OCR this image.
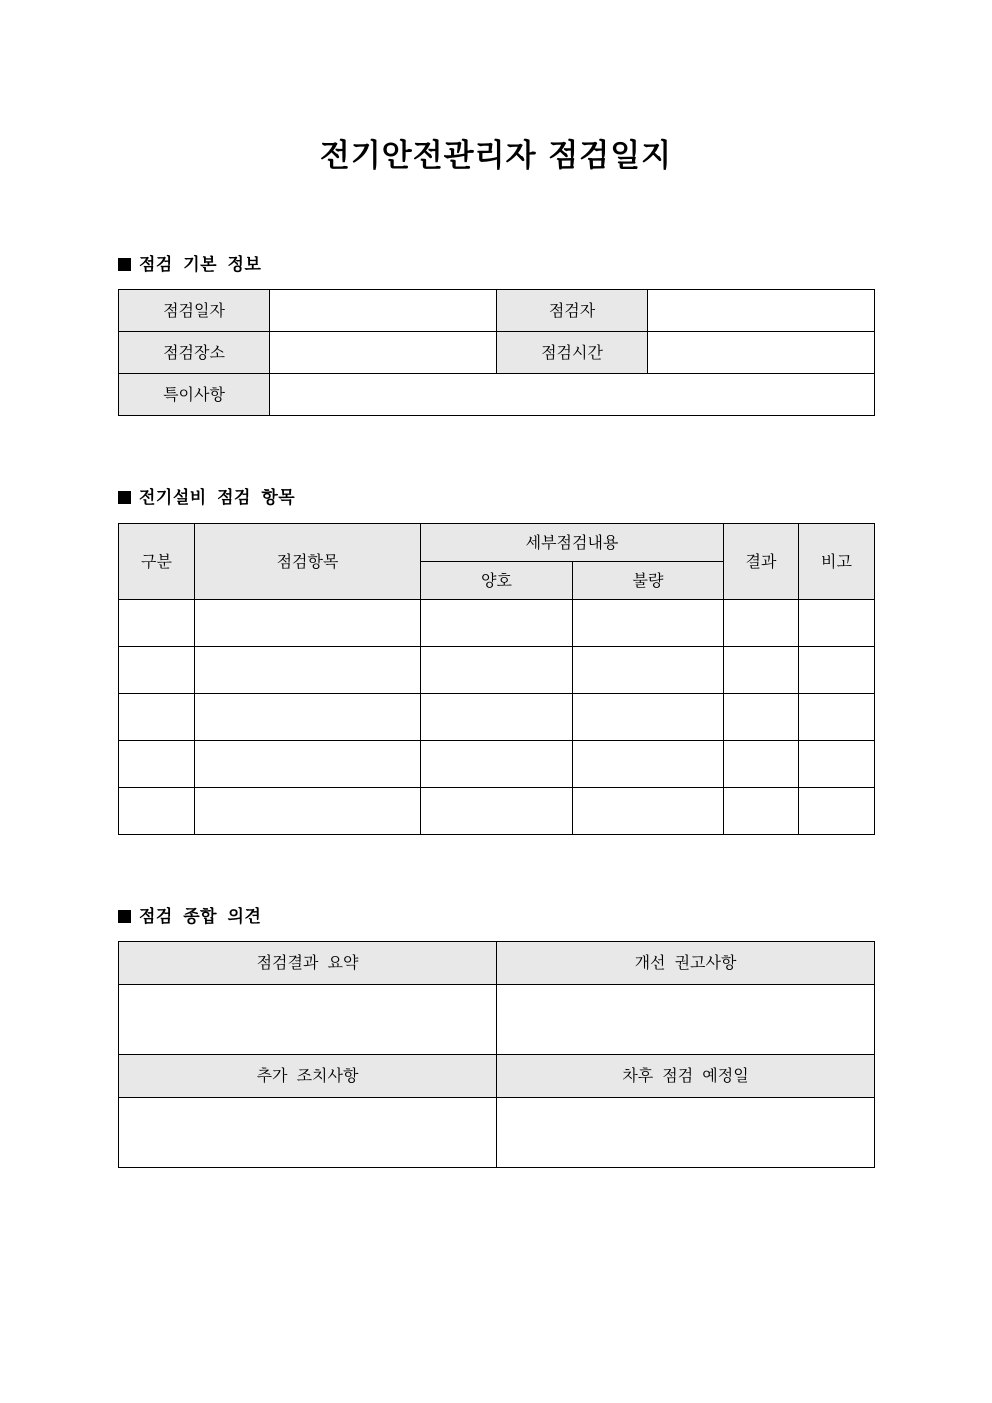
전기안전관리자 점검일지
점검 기본 정보
점검일자		점검자	
점검장소		점검시간	
특이사항			
전기설비 점검 항목
구분	점검항목	세부점검내용		결과	비고
		양호	불량		

점검 종합 의견
점검결과 요약	개선 권고사항

추가 조치사항	차후 점검 예정일
